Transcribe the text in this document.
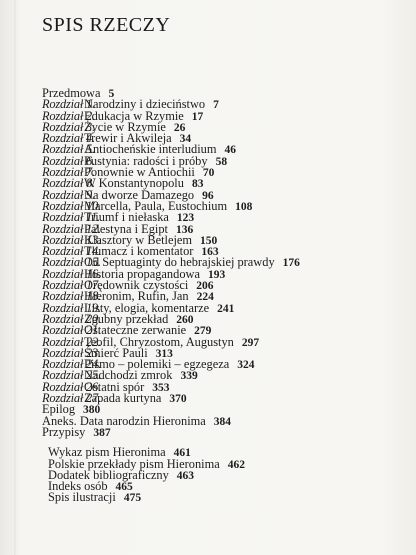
SPIS RZECZY
Przedmowa 5
Rozdział 1.
Narodziny i dzieciństwo 7
Rozdział 2.
Edukacja w Rzymie 17
Rozdział 3.
Życie w Rzymie 26
Rozdział 4.
Trewir i Akwileja 34
Rozdział 5.
Antiocheńskie interludium 46
Rozdział 6.
Pustynia: radości i próby 58
Rozdział 7.
Ponownie w Antiochii 70
Rozdział 8.
W Konstantynopolu 83
Rozdział 9.
Na dworze Damazego 96
Rozdział 10.
Marcella, Paula, Eustochium 108
Rozdział 11.
Triumf i niełaska 123
Rozdział 12.
Palestyna i Egipt 136
Rozdział 13.
Klasztory w Betlejem 150
Rozdział 14.
Tłumacz i komentator 163
Rozdział 15.
Od Septuaginty do hebrajskiej prawdy 176
Rozdział 16.
Historia propagandowa 193
Rozdział 17.
Orędownik czystości 206
Rozdział 18.
Hieronim, Rufin, Jan 224
Rozdział 19.
Listy, elogia, komentarze 241
Rozdział 20.
Zgubny przekład 260
Rozdział 21.
Ostateczne zerwanie 279
Rozdział 22.
Teofil, Chryzostom, Augustyn 297
Rozdział 23.
Śmierć Pauli 313
Rozdział 24.
Pismo – polemiki – egzegeza 324
Rozdział 25.
Nadchodzi zmrok 339
Rozdział 26.
Ostatni spór 353
Rozdział 27.
Zapada kurtyna 370
Epilog 380
Aneks. Data narodzin Hieronima 384
Przypisy 387
Wykaz pism Hieronima 461
Polskie przekłady pism Hieronima 462
Dodatek bibliograficzny 463
Indeks osób 465
Spis ilustracji 475
